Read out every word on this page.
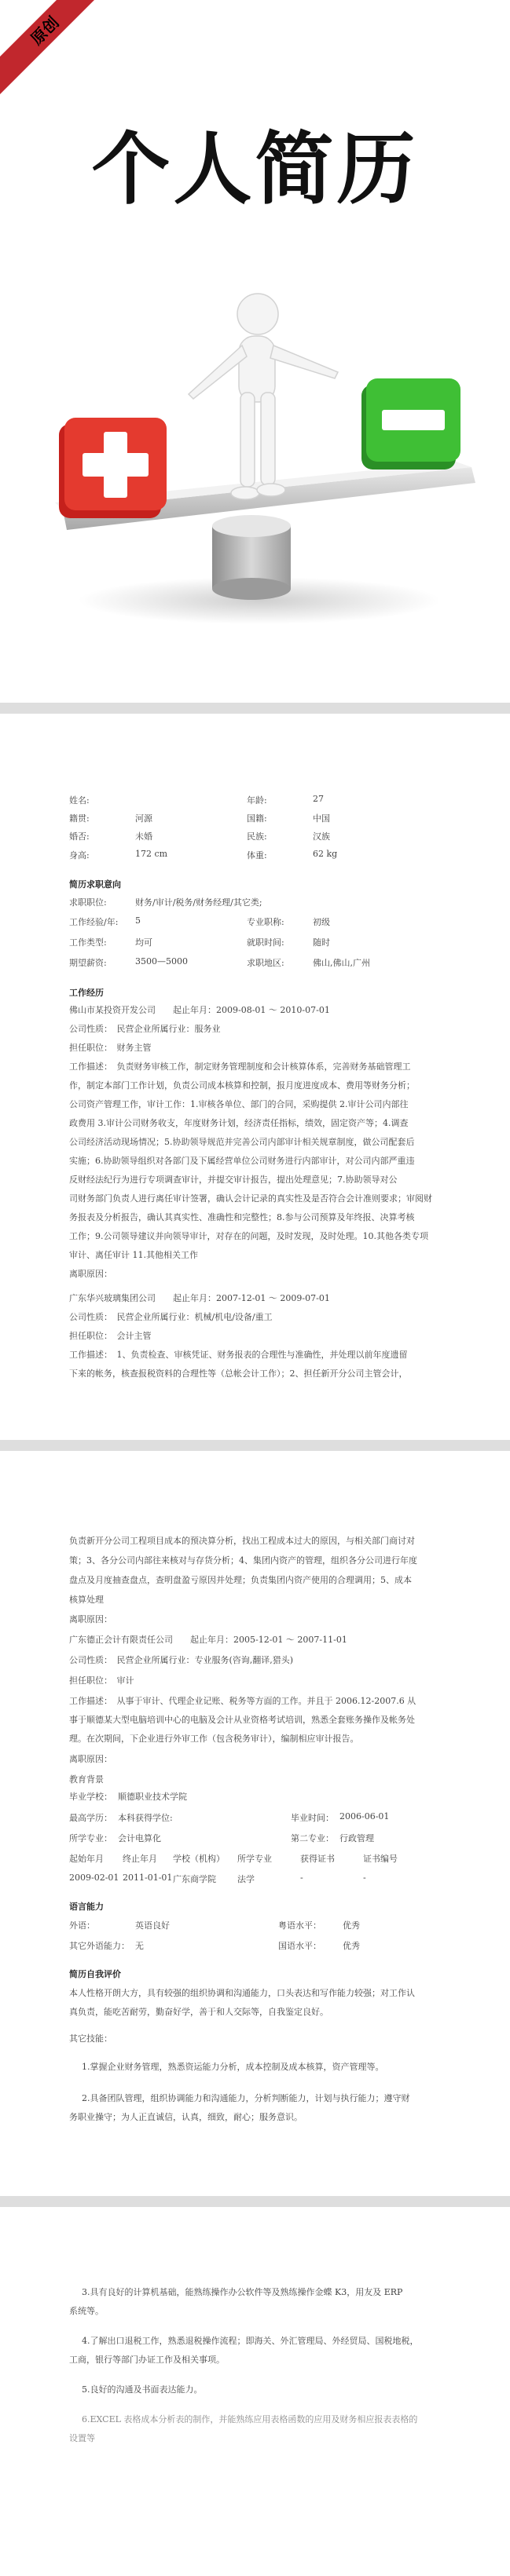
原创
个人简历
姓名:	年龄:	27
籍贯:	河源	国籍:	中国
婚否:	未婚	民族:	汉族
身高:	172 cm	体重:	62 kg
简历求职意向
求职职位:	财务/审计/税务/财务经理/其它类;
工作经验/年: 5	专业职称:	初级
工作类型:	均可	就职时间:	随时
期望薪资:	3500—5000	求职地区:	佛山,佛山,广州
工作经历
佛山市某投资开发公司　　起止年月：2009-08-01 ～ 2010-07-01
公司性质：　民营企业所属行业：服务业
担任职位：　财务主管
工作描述：　负责财务审核工作，制定财务管理制度和会计核算体系，完善财务基础管理工
作，制定本部门工作计划，负责公司成本核算和控制，报月度进度成本、费用等财务分析；
公司资产管理工作，审计工作：1.审核各单位、部门的合同，采购提供 2.审计公司内部往
政费用 3.审计公司财务收支，年度财务计划，经济责任指标，绩效，固定资产等；4.调查
公司经济活动现场情况；5.协助领导规范并完善公司内部审计相关规章制度，做公司配套后
实施；6.协助领导组织对各部门及下属经营单位公司财务进行内部审计，对公司内部严重违
反财经法纪行为进行专项调查审计，并提交审计报告，提出处理意见；7.协助领导对公
司财务部门负责人进行离任审计签署，确认会计记录的真实性及是否符合会计准则要求；审阅财
务报表及分析报告，确认其真实性、准确性和完整性；8.参与公司预算及年终报、决算考核
工作；9.公司领导建议并向领导审计，对存在的问题，及时发现，及时处理。10.其他各类专项
审计、离任审计 11.其他相关工作
离职原因：
广东华兴玻璃集团公司　　起止年月：2007-12-01 ～ 2009-07-01
公司性质：　民营企业所属行业：机械/机电/设备/重工
担任职位：　会计主管
工作描述：　1、负责检查、审核凭证、财务报表的合理性与准确性，并处理以前年度遗留
下来的帐务，核查报税资料的合理性等（总帐会计工作）；2、担任新开分公司主管会计，
负责新开分公司工程项目成本的预决算分析，找出工程成本过大的原因，与相关部门商讨对
策；3、各分公司内部往来核对与存货分析；4、集团内资产的管理，组织各分公司进行年度
盘点及月度抽查盘点，查明盘盈亏原因并处理；负责集团内资产使用的合理调用；5、成本
核算处理
离职原因：
广东德正会计有限责任公司　　起止年月：2005-12-01 ～ 2007-11-01
公司性质：　民营企业所属行业：专业服务(咨询,翻译,猎头)
担任职位：　审计
工作描述：　从事于审计、代理企业记账、税务等方面的工作。并且于 2006.12-2007.6 从
事于顺德某大型电脑培训中心的电脑及会计从业资格考试培训，熟悉全套账务操作及帐务处
理。在次期间，下企业进行外审工作（包含税务审计），编制相应审计报告。
离职原因：
教育背景
毕业学校： 顺德职业技术学院
最高学历： 本科获得学位:	毕业时间： 2006-06-01
所学专业： 会计电算化	第二专业： 行政管理
起始年月 终止年月 学校（机构） 所学专业	获得证书	证书编号
2009-02-01 2011-01-01 广东商学院 法学	-	-
语言能力
外语：	英语良好	粤语水平： 优秀
其它外语能力： 无	国语水平： 优秀
简历自我评价
本人性格开朗大方，具有较强的组织协调和沟通能力，口头表达和写作能力较强；对工作认
真负责，能吃苦耐劳，勤奋好学，善于和人交际等，自我鉴定良好。
其它技能：
1.掌握企业财务管理，熟悉资运能力分析，成本控制及成本核算，资产管理等。
2.具备团队管理，组织协调能力和沟通能力，分析判断能力，计划与执行能力；遵守财
务职业操守；为人正直诚信，认真，细致，耐心；服务意识。
3.具有良好的计算机基础，能熟练操作办公软件等及熟练操作金蝶 K3，用友及 ERP
系统等。
4.了解出口退税工作，熟悉退税操作流程；即海关、外汇管理局、外经贸局、国税地税，
工商，银行等部门办证工作及相关事项。
5.良好的沟通及书面表达能力。
6.EXCEL 表格成本分析表的制作，并能熟练应用表格函数的应用及财务相应报表表格的
设置等
